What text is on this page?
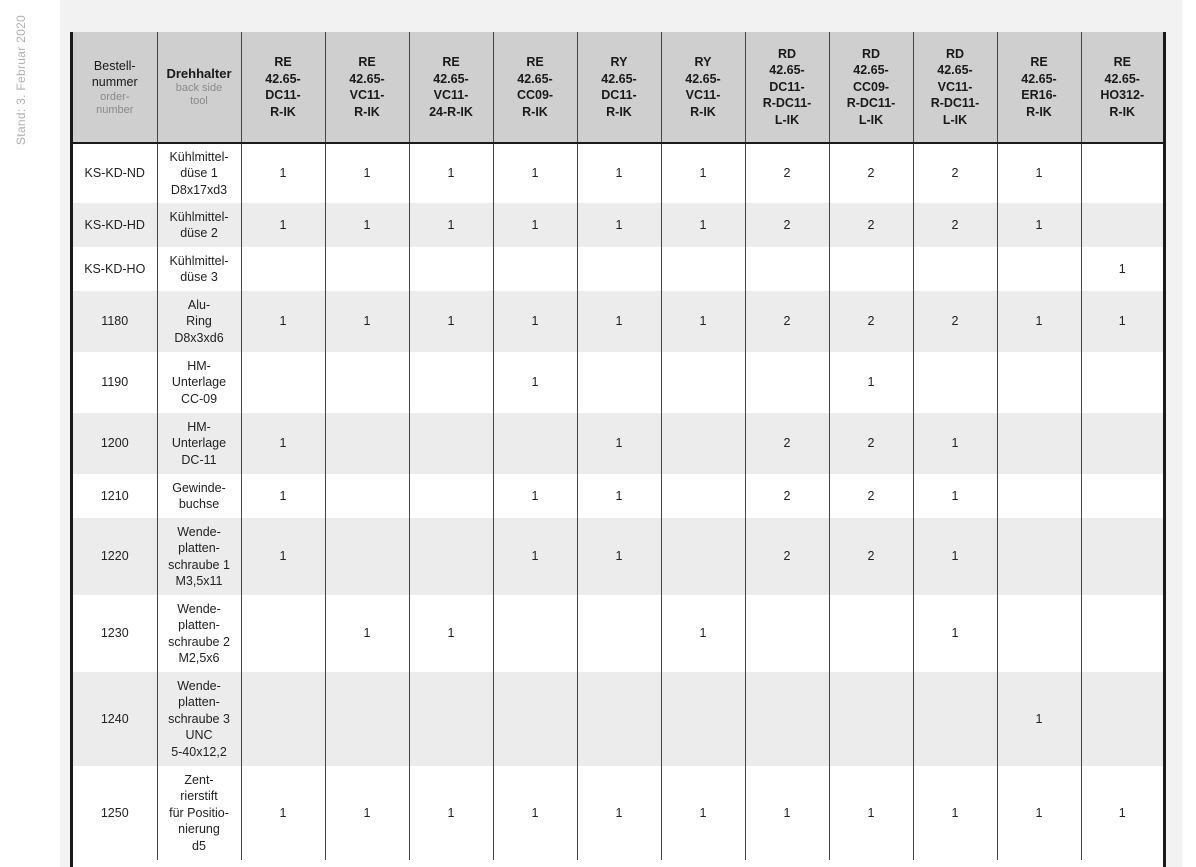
Stand: 3. Februar 2020	Bestell-
nummer
order-
number	Drehhalter
back side
tool	RE
42.65-
DC11-
R-IK	RE
42.65-
VC11-
R-IK	RE
42.65-
VC11-
24-R-IK	RE
42.65-
CC09-
R-IK	RY
42.65-
DC11-
R-IK	RY
42.65-
VC11-
R-IK	RD
42.65-
DC11-
R-DC11-
L-IK	RD
42.65-
CC09-
R-DC11-
L-IK	RD
42.65-
VC11-
R-DC11-
L-IK	RE
42.65-
ER16-
R-IK	RE
42.65-
HO312-
R-IK
KS-KD-ND	Kühlmittel-
düse 1
D8x17xd3	1	1	1	1	1	1	2	2	2	1	
KS-KD-HD	Kühlmittel-
düse 2	1	1	1	1	1	1	2	2	2	1	
KS-KD-HO	Kühlmittel-
düse 3											1
1180	Alu-
Ring
D8x3xd6	1	1	1	1	1	1	2	2	2	1	1
1190	HM-
Unterlage
CC-09				1				1			
1200	HM-
Unterlage
DC-11	1				1		2	2	1		
1210	Gewinde-
buchse	1			1	1		2	2	1		
1220	Wende-
platten-
schraube 1
M3,5x11	1			1	1		2	2	1		
1230	Wende-
platten-
schraube 2
M2,5x6		1	1			1			1		
1240	Wende-
platten-
schraube 3
UNC
5-40x12,2										1	
1250	Zent-
rierstift
für Positio-
nierung
d5	1	1	1	1	1	1	1	1	1	1	1
